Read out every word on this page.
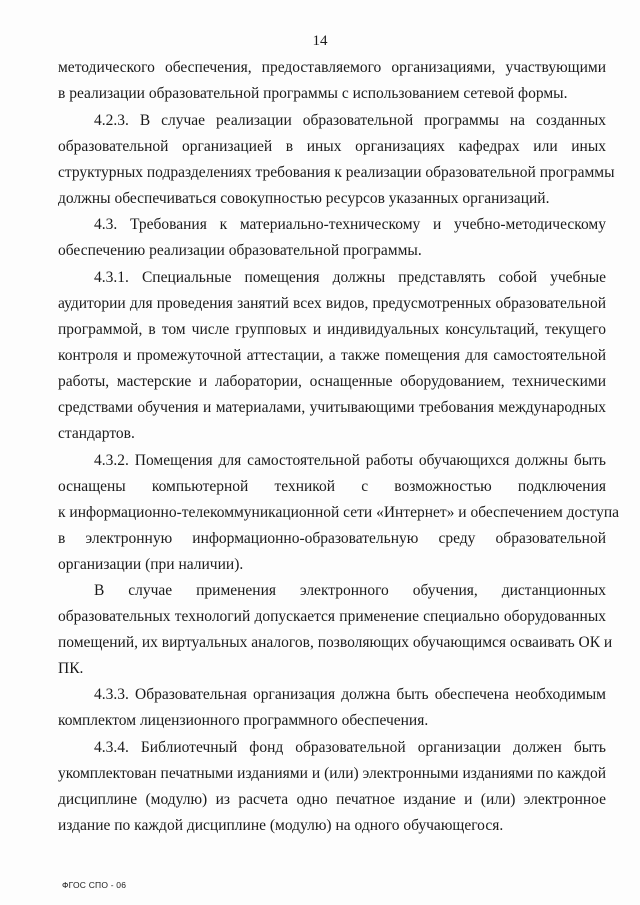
14
методического обеспечения, предоставляемого организациями, участвующими
в реализации образовательной программы с использованием сетевой формы.
4.2.3. В случае реализации образовательной программы на созданных
образовательной организацией в иных организациях кафедрах или иных
структурных подразделениях требования к реализации образовательной программы
должны обеспечиваться совокупностью ресурсов указанных организаций.
4.3. Требования к материально-техническому и учебно-методическому
обеспечению реализации образовательной программы.
4.3.1. Специальные помещения должны представлять собой учебные
аудитории для проведения занятий всех видов, предусмотренных образовательной
программой, в том числе групповых и индивидуальных консультаций, текущего
контроля и промежуточной аттестации, а также помещения для самостоятельной
работы, мастерские и лаборатории, оснащенные оборудованием, техническими
средствами обучения и материалами, учитывающими требования международных
стандартов.
4.3.2. Помещения для самостоятельной работы обучающихся должны быть
оснащены компьютерной техникой с возможностью подключения
к информационно-телекоммуникационной сети «Интернет» и обеспечением доступа
в электронную информационно-образовательную среду образовательной
организации (при наличии).
В случае применения электронного обучения, дистанционных
образовательных технологий допускается применение специально оборудованных
помещений, их виртуальных аналогов, позволяющих обучающимся осваивать ОК и
ПК.
4.3.3. Образовательная организация должна быть обеспечена необходимым
комплектом лицензионного программного обеспечения.
4.3.4. Библиотечный фонд образовательной организации должен быть
укомплектован печатными изданиями и (или) электронными изданиями по каждой
дисциплине (модулю) из расчета одно печатное издание и (или) электронное
издание по каждой дисциплине (модулю) на одного обучающегося.
ФГОС СПО - 06
